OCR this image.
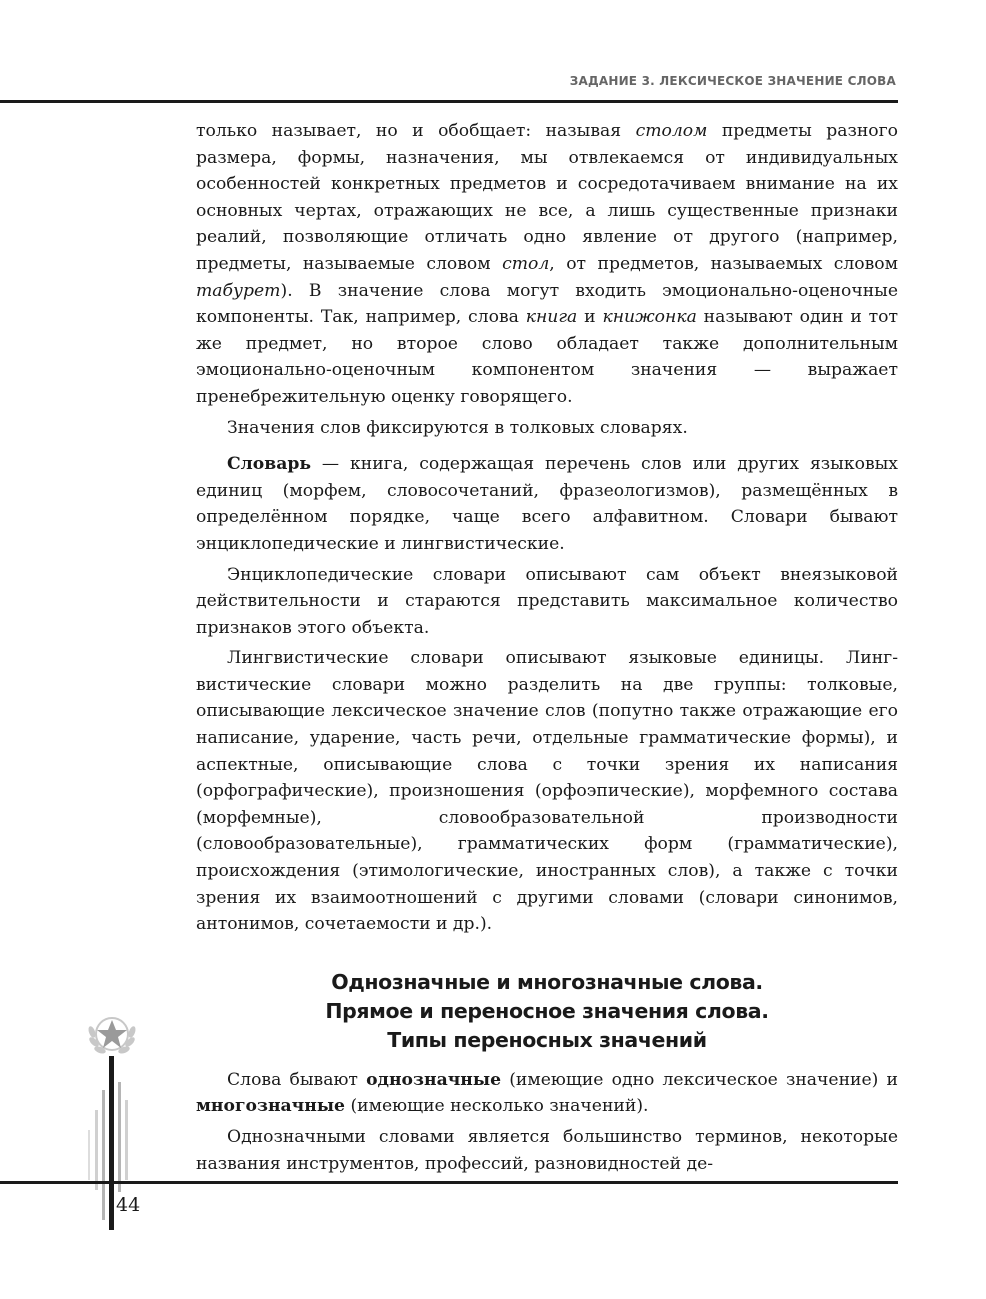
ЗАДАНИЕ 3. ЛЕКСИЧЕСКОЕ ЗНАЧЕНИЕ СЛОВА

только называет, но и обобщает: называя столом предметы разного размера, формы, назначения, мы отвлекаемся от индивидуальных особенностей конкретных предметов и сосредотачиваем внимание на их основных чертах, отражающих не все, а лишь существенные признаки реалий, позволяющие отличать одно явление от другого (например, предметы, называемые словом стол, от предметов, называемых словом табурет). В значение слова могут входить эмоционально-оценочные компоненты. Так, например, слова книга и книжонка называют один и тот же предмет, но второе слово обладает также дополнительным эмоционально-оценочным компонентом значения — выражает пренебрежительную оценку говорящего.

Значения слов фиксируются в толковых словарях.

Словарь — книга, содержащая перечень слов или других языковых единиц (морфем, словосочетаний, фразеологизмов), размещённых в определённом порядке, чаще всего алфавитном. Словари бывают энциклопедические и лингвистические.

Энциклопедические словари описывают сам объект внеязыковой действительности и стараются представить максимальное количество признаков этого объекта.

Лингвистические словари описывают языковые единицы. Лингвистические словари можно разделить на две группы: толковые, описывающие лексическое значение слов (попутно также отражающие его написание, ударение, часть речи, отдельные грамматические формы), и аспектные, описывающие слова с точки зрения их написания (орфографические), произношения (орфоэпические), морфемного состава (морфемные), словообразовательной производности (словообразовательные), грамматических форм (грамматические), происхождения (этимологические, иностранных слов), а также с точки зрения их взаимоотношений с другими словами (словари синонимов, антонимов, сочетаемости и др.).

Однозначные и многозначные слова.
Прямое и переносное значения слова.
Типы переносных значений

Слова бывают однозначные (имеющие одно лексическое значение) и многозначные (имеющие несколько значений).

Однозначными словами является большинство терминов, некоторые названия инструментов, профессий, разновидностей де-

44
